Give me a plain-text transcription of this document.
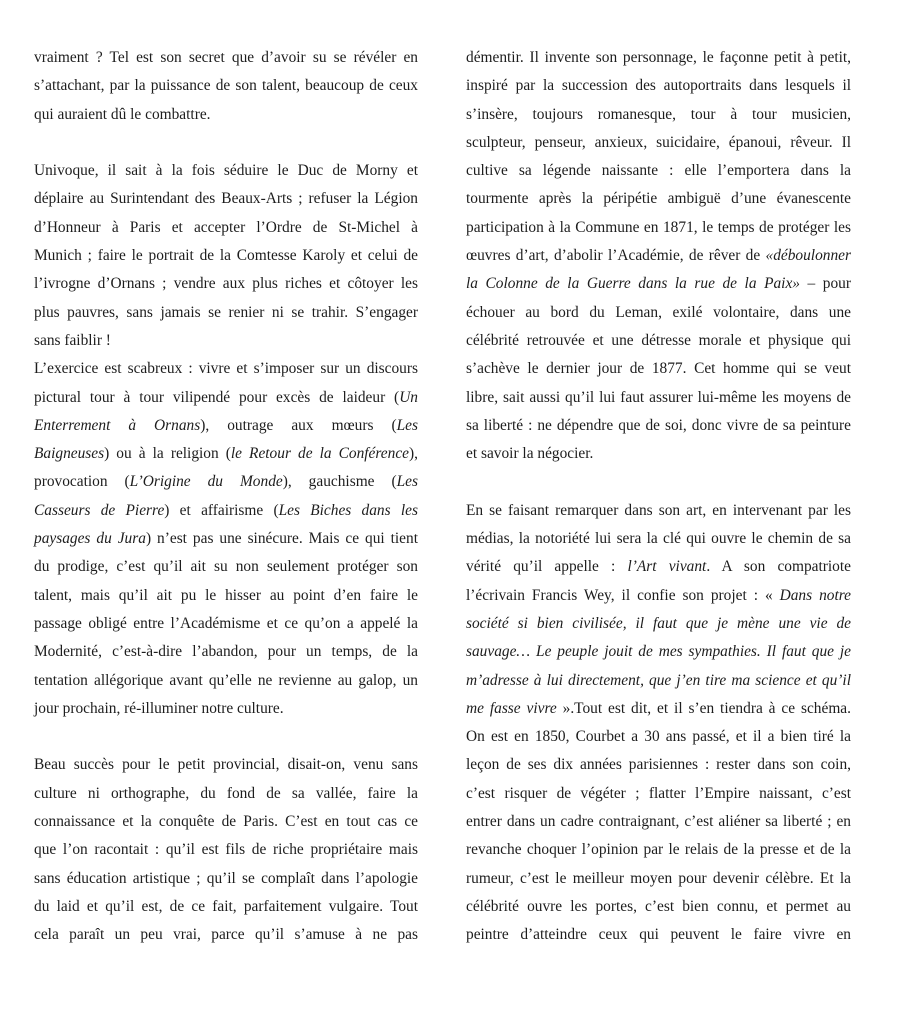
vraiment ? Tel est son secret que d’avoir su se révéler en
s’attachant, par la puissance de son talent, beaucoup de ceux
qui auraient dû le combattre.
Univoque, il sait à la fois séduire le Duc de Morny et
déplaire au Surintendant des Beaux-Arts ; refuser la Légion
d’Honneur à Paris et accepter l’Ordre de St-Michel à
Munich ; faire le portrait de la Comtesse Karoly et celui de
l’ivrogne d’Ornans ; vendre aux plus riches et côtoyer les
plus pauvres, sans jamais se renier ni se trahir. S’engager
sans faiblir !
L’exercice est scabreux : vivre et s’imposer sur un discours
pictural tour à tour vilipendé pour excès de laideur (Un
Enterrement à Ornans), outrage aux mœurs (Les
Baigneuses) ou à la religion (le Retour de la Conférence),
provocation (L’Origine du Monde), gauchisme (Les
Casseurs de Pierre) et affairisme (Les Biches dans les
paysages du Jura) n’est pas une sinécure. Mais ce qui tient
du prodige, c’est qu’il ait su non seulement protéger son
talent, mais qu’il ait pu le hisser au point d’en faire le
passage obligé entre l’Académisme et ce qu’on a appelé la
Modernité, c’est-à-dire l’abandon, pour un temps, de la
tentation allégorique avant qu’elle ne revienne au galop, un
jour prochain, ré-illuminer notre culture.
Beau succès pour le petit provincial, disait-on, venu sans
culture ni orthographe, du fond de sa vallée, faire la
connaissance et la conquête de Paris. C’est en tout cas ce
que l’on racontait : qu’il est fils de riche propriétaire mais
sans éducation artistique ; qu’il se complaît dans l’apologie
du laid et qu’il est, de ce fait, parfaitement vulgaire. Tout
cela paraît un peu vrai, parce qu’il s’amuse à ne pas
démentir. Il invente son personnage, le façonne petit à petit,
inspiré par la succession des autoportraits dans lesquels il
s’insère, toujours romanesque, tour à tour musicien,
sculpteur, penseur, anxieux, suicidaire, épanoui, rêveur. Il
cultive sa légende naissante : elle l’emportera dans la
tourmente après la péripétie ambiguë d’une évanescente
participation à la Commune en 1871, le temps de protéger les
œuvres d’art, d’abolir l’Académie, de rêver de «déboulonner
la Colonne de la Guerre dans la rue de la Paix» – pour
échouer au bord du Leman, exilé volontaire, dans une
célébrité retrouvée et une détresse morale et physique qui
s’achève le dernier jour de 1877. Cet homme qui se veut
libre, sait aussi qu’il lui faut assurer lui-même les moyens de
sa liberté : ne dépendre que de soi, donc vivre de sa peinture
et savoir la négocier.
En se faisant remarquer dans son art, en intervenant par les
médias, la notoriété lui sera la clé qui ouvre le chemin de sa
vérité qu’il appelle : l’Art vivant. A son compatriote
l’écrivain Francis Wey, il confie son projet : « Dans notre
société si bien civilisée, il faut que je mène une vie de
sauvage… Le peuple jouit de mes sympathies. Il faut que je
m’adresse à lui directement, que j’en tire ma science et qu’il
me fasse vivre ».Tout est dit, et il s’en tiendra à ce schéma.
On est en 1850, Courbet a 30 ans passé, et il a bien tiré la
leçon de ses dix années parisiennes : rester dans son coin,
c’est risquer de végéter ; flatter l’Empire naissant, c’est
entrer dans un cadre contraignant, c’est aliéner sa liberté ; en
revanche choquer l’opinion par le relais de la presse et de la
rumeur, c’est le meilleur moyen pour devenir célèbre. Et la
célébrité ouvre les portes, c’est bien connu, et permet au
peintre d’atteindre ceux qui peuvent le faire vivre en
